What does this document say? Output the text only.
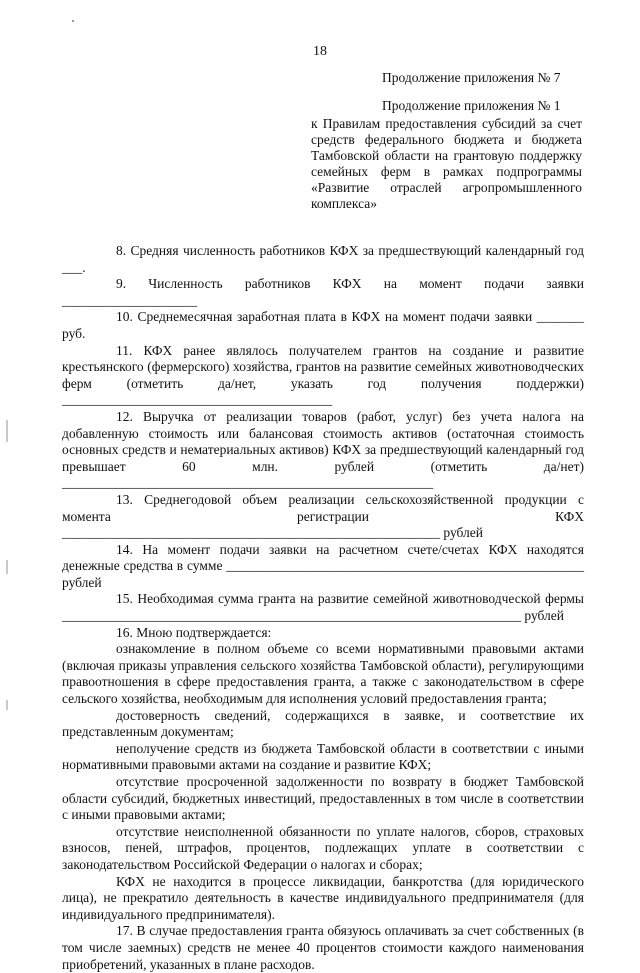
18
Продолжение приложения № 7
Продолжение приложения № 1
к Правилам предоставления субсидий за счет средств федерального бюджета и бюджета Тамбовской области на грантовую поддержку семейных ферм в рамках подпрограммы «Развитие отраслей агропромышленного комплекса»

8. Средняя численность работников КФХ за предшествующий календарный год ___.

9. Численность работников КФХ на момент подачи заявки ____________________

10. Среднемесячная заработная плата в КФХ на момент подачи заявки _______ руб.

11. КФХ ранее являлось получателем грантов на создание и развитие крестьянского (фермерского) хозяйства, грантов на развитие семейных животноводческих ферм (отметить да/нет, указать год получения поддержки) ________________________________________

12. Выручка от реализации товаров (работ, услуг) без учета налога на добавленную стоимость или балансовая стоимость активов (остаточная стоимость основных средств и нематериальных активов) КФХ за предшествующий календарный год превышает 60 млн. рублей (отметить да/нет) _______________________________________________________

13. Среднегодовой объем реализации сельскохозяйственной продукции с момента регистрации КФХ ________________________________________________________ рублей

14. На момент подачи заявки на расчетном счете/счетах КФХ находятся денежные средства в сумме _____________________________________________________ рублей

15. Необходимая сумма гранта на развитие семейной животноводческой фермы ____________________________________________________________________ рублей

16. Мною подтверждается:

ознакомление в полном объеме со всеми нормативными правовыми актами (включая приказы управления сельского хозяйства Тамбовской области), регулирующими правоотношения в сфере предоставления гранта, а также с законодательством в сфере сельского хозяйства, необходимым для исполнения условий предоставления гранта;

достоверность сведений, содержащихся в заявке, и соответствие их представленным документам;

неполучение средств из бюджета Тамбовской области в соответствии с иными нормативными правовыми актами на создание и развитие КФХ;

отсутствие просроченной задолженности по возврату в бюджет Тамбовской области субсидий, бюджетных инвестиций, предоставленных в том числе в соответствии с иными правовыми актами;

отсутствие неисполненной обязанности по уплате налогов, сборов, страховых взносов, пеней, штрафов, процентов, подлежащих уплате в соответствии с законодательством Российской Федерации о налогах и сборах;

КФХ не находится в процессе ликвидации, банкротства (для юридического лица), не прекратило деятельность в качестве индивидуального предпринимателя (для индивидуального предпринимателя).

17. В случае предоставления гранта обязуюсь оплачивать за счет собственных (в том числе заемных) средств не менее 40 процентов стоимости каждого наименования приобретений, указанных в плане расходов.
